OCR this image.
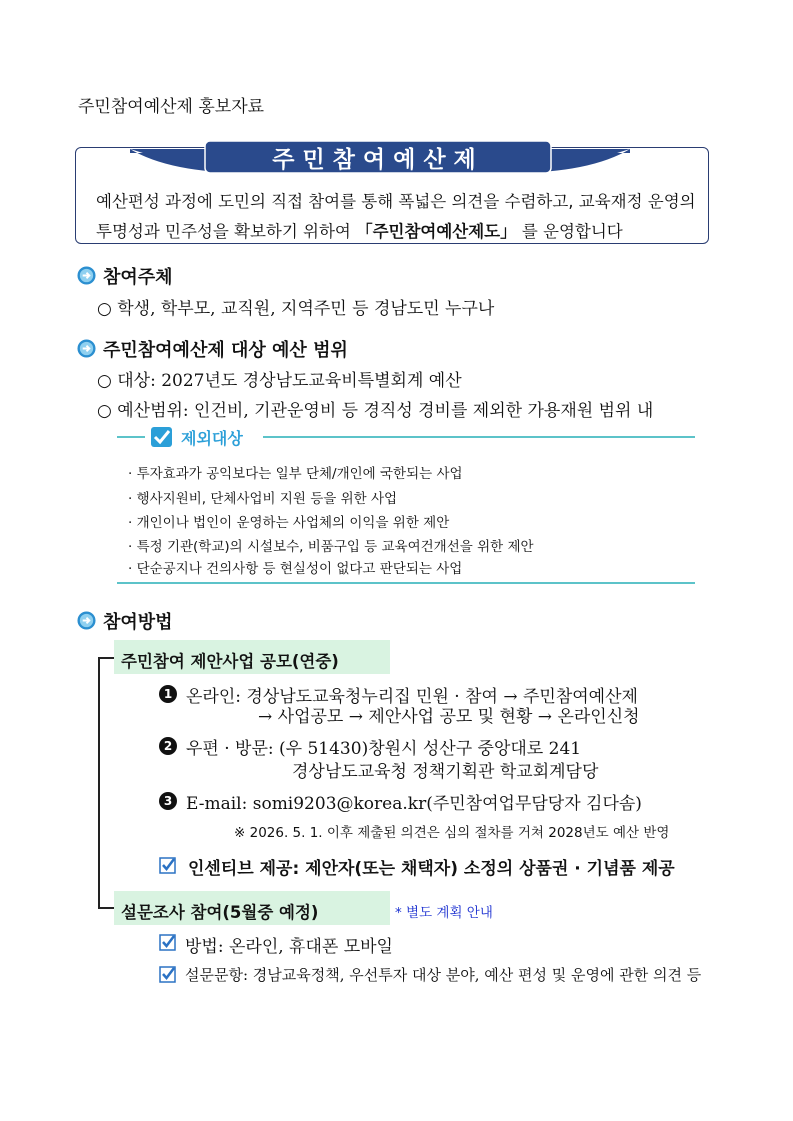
주민참여예산제 홍보자료
주민참여예산제
예산편성 과정에 도민의 직접 참여를 통해 폭넓은 의견을 수렴하고, 교육재정 운영의
투명성과 민주성을 확보하기 위하여 「주민참여예산제도」 를 운영합니다
참여주체
○ 학생, 학부모, 교직원, 지역주민 등 경남도민 누구나
주민참여예산제 대상 예산 범위
○ 대상: 2027년도 경상남도교육비특별회계 예산
○ 예산범위: 인건비, 기관운영비 등 경직성 경비를 제외한 가용재원 범위 내
제외대상
· 투자효과가 공익보다는 일부 단체/개인에 국한되는 사업
· 행사지원비, 단체사업비 지원 등을 위한 사업
· 개인이나 법인이 운영하는 사업체의 이익을 위한 제안
· 특정 기관(학교)의 시설보수, 비품구입 등 교육여건개선을 위한 제안
· 단순공지나 건의사항 등 현실성이 없다고 판단되는 사업
참여방법
주민참여 제안사업 공모(연중)
1 온라인: 경상남도교육청누리집 민원 · 참여 → 주민참여예산제
→ 사업공모 → 제안사업 공모 및 현황 → 온라인신청
2 우편 · 방문: (우 51430)창원시 성산구 중앙대로 241
경상남도교육청 정책기획관 학교회계담당
3 E-mail: somi9203@korea.kr(주민참여업무담당자 김다솜)
※ 2026. 5. 1. 이후 제출된 의견은 심의 절차를 거쳐 2028년도 예산 반영
인센티브 제공: 제안자(또는 채택자) 소정의 상품권 · 기념품 제공
설문조사 참여(5월중 예정)	* 별도 계획 안내
방법: 온라인, 휴대폰 모바일
설문문항: 경남교육정책, 우선투자 대상 분야, 예산 편성 및 운영에 관한 의견 등
